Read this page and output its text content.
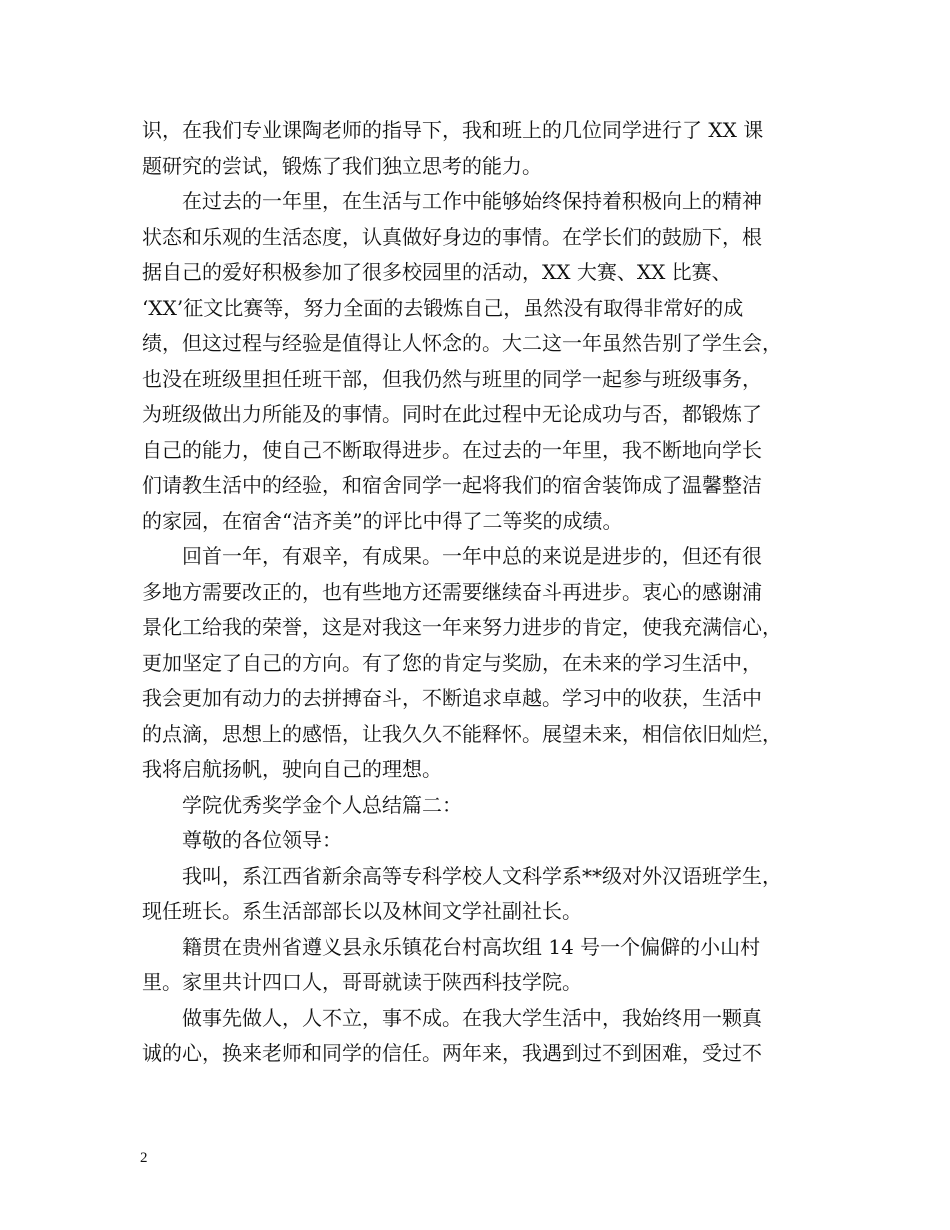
识，在我们专业课陶老师的指导下，我和班上的几位同学进行了 XX 课
题研究的尝试，锻炼了我们独立思考的能力。
在过去的一年里，在生活与工作中能够始终保持着积极向上的精神
状态和乐观的生活态度，认真做好身边的事情。在学长们的鼓励下，根
据自己的爱好积极参加了很多校园里的活动，XX 大赛、XX 比赛、
‘XX’征文比赛等，努力全面的去锻炼自己，虽然没有取得非常好的成
绩，但这过程与经验是值得让人怀念的。大二这一年虽然告别了学生会，
也没在班级里担任班干部，但我仍然与班里的同学一起参与班级事务，
为班级做出力所能及的事情。同时在此过程中无论成功与否，都锻炼了
自己的能力，使自己不断取得进步。在过去的一年里，我不断地向学长
们请教生活中的经验，和宿舍同学一起将我们的宿舍装饰成了温馨整洁
的家园，在宿舍“洁齐美”的评比中得了二等奖的成绩。
回首一年，有艰辛，有成果。一年中总的来说是进步的，但还有很
多地方需要改正的，也有些地方还需要继续奋斗再进步。衷心的感谢浦
景化工给我的荣誉，这是对我这一年来努力进步的肯定，使我充满信心，
更加坚定了自己的方向。有了您的肯定与奖励，在未来的学习生活中，
我会更加有动力的去拼搏奋斗，不断追求卓越。学习中的收获，生活中
的点滴，思想上的感悟，让我久久不能释怀。展望未来，相信依旧灿烂，
我将启航扬帆，驶向自己的理想。
学院优秀奖学金个人总结篇二：
尊敬的各位领导：
我叫，系江西省新余高等专科学校人文科学系**级对外汉语班学生，
现任班长。系生活部部长以及林间文学社副社长。
籍贯在贵州省遵义县永乐镇花台村高坎组 14 号一个偏僻的小山村
里。家里共计四口人，哥哥就读于陕西科技学院。
做事先做人，人不立，事不成。在我大学生活中，我始终用一颗真
诚的心，换来老师和同学的信任。两年来，我遇到过不到困难，受过不
2
